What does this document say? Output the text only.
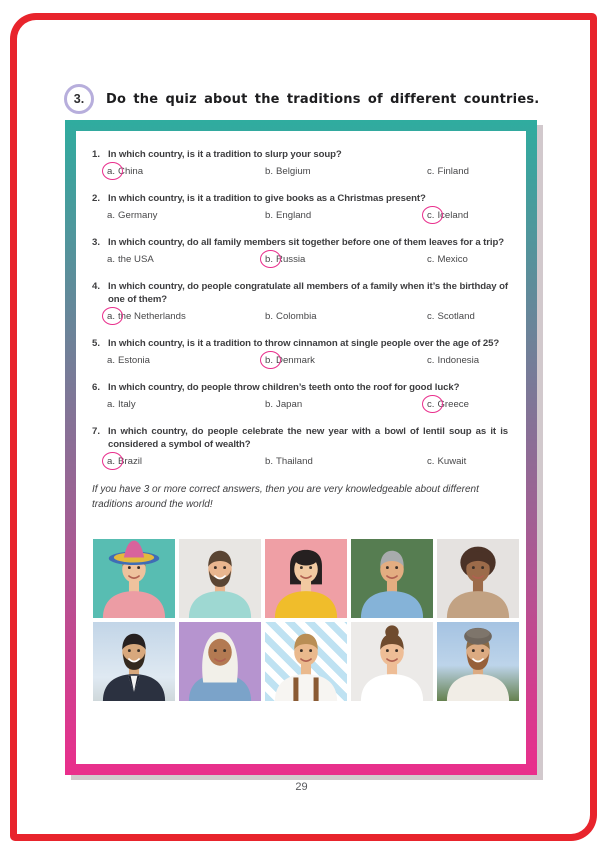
3. Do the quiz about the traditions of different countries.
1. In which country, is it a tradition to slurp your soup?
a. China	b. Belgium	c. Finland
2. In which country, is it a tradition to give books as a Christmas present?
a. Germany	b. England	c. Iceland
3. In which country, do all family members sit together before one of them leaves for a trip?
a. the USA	b. Russia	c. Mexico
4. In which country, do people congratulate all members of a family when it’s the birthday of one of them?
a. the Netherlands	b. Colombia	c. Scotland
5. In which country, is it a tradition to throw cinnamon at single people over the age of 25?
a. Estonia	b. Denmark	c. Indonesia
6. In which country, do people throw children’s teeth onto the roof for good luck?
a. Italy	b. Japan	c. Greece
7. In which country, do people celebrate the new year with a bowl of lentil soup as it is considered a symbol of wealth?
a. Brazil	b. Thailand	c. Kuwait
If you have 3 or more correct answers, then you are very knowledgeable about different traditions around the world!
29
